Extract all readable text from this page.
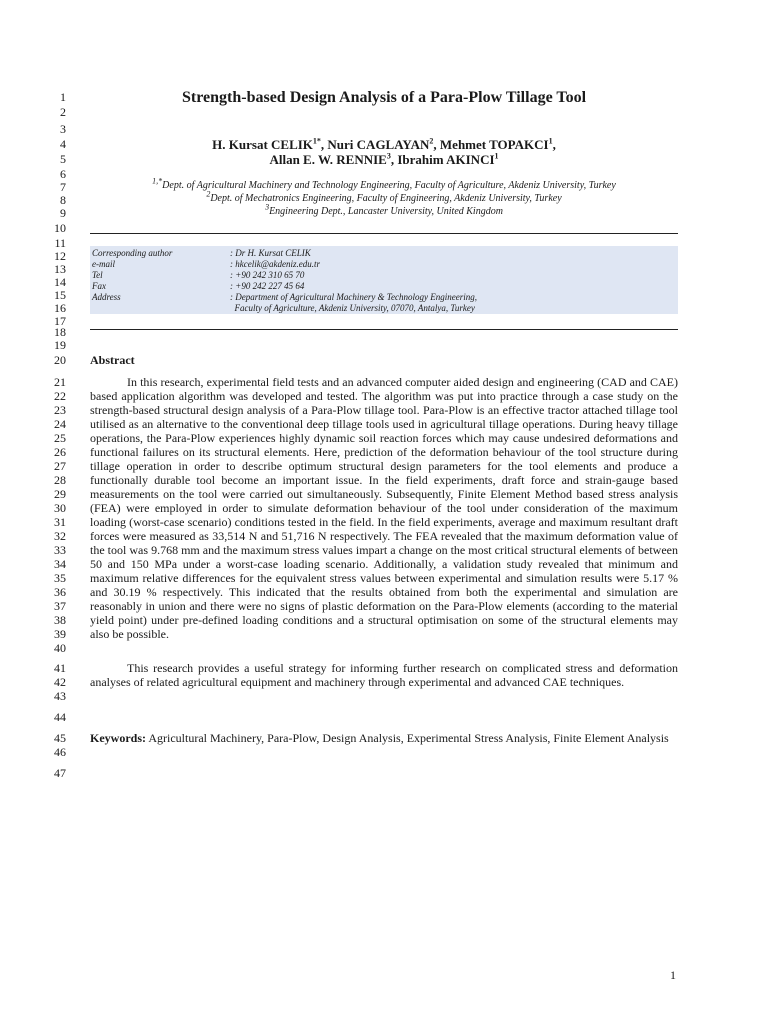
1
2
3
4
5
6
7
8
9
10
11
12
13
14
15
16
17
18
19
20
21
22
23
24
25
26
27
28
29
30
31
32
33
34
35
36
37
38
39
40
41
42
43
44
45
46
47
Strength-based Design Analysis of a Para-Plow Tillage Tool
H. Kursat $CELIK^{1*}$, Nuri CAGLAYAN$^2$, Mehmet TOPAKCI$^1$,
Allan E. W. RENNIE$^3$, Ibrahim AKINCI$^1$
$^{1,*}$Dept. of Agricultural Machinery and Technology Engineering, Faculty of Agriculture, Akdeniz University, Turkey
$^2$Dept. of Mechatronics Engineering, Faculty of Engineering, Akdeniz University, Turkey
$^3$Engineering Dept., Lancaster University, United Kingdom
Corresponding author	: Dr H. Kursat CELIK
e-mail	: hkcelik@akdeniz.edu.tr
Tel	: +90 242 310 65 70
Fax	: +90 242 227 45 64
Address	: Department of Agricultural Machinery & Technology Engineering,
Faculty of Agriculture, Akdeniz University, 07070, Antalya, Turkey
Abstract

In this research, experimental field tests and an advanced computer aided design and engineering (CAD and CAE) based application algorithm was developed and tested. The algorithm was put into practice through a case study on the strength-based structural design analysis of a Para-Plow tillage tool. Para-Plow is an effective tractor attached tillage tool utilised as an alternative to the conventional deep tillage tools used in agricultural tillage operations. During heavy tillage operations, the Para-Plow experiences highly dynamic soil reaction forces which may cause undesired deformations and functional failures on its structural elements. Here, prediction of the deformation behaviour of the tool structure during tillage operation in order to describe optimum structural design parameters for the tool elements and produce a functionally durable tool become an important issue. In the field experiments, draft force and strain-gauge based measurements on the tool were carried out simultaneously. Subsequently, Finite Element Method based stress analysis (FEA) were employed in order to simulate deformation behaviour of the tool under consideration of the maximum loading (worst-case scenario) conditions tested in the field. In the field experiments, average and maximum resultant draft forces were measured as 33,514 N and 51,716 N respectively. The FEA revealed that the maximum deformation value of the tool was 9.768 mm and the maximum stress values impart a change on the most critical structural elements of between 50 and 150 MPa under a worst-case loading scenario. Additionally, a validation study revealed that minimum and maximum relative differences for the equivalent stress values between experimental and simulation results were 5.17 % and 30.19 % respectively. This indicated that the results obtained from both the experimental and simulation are reasonably in union and there were no signs of plastic deformation on the Para-Plow elements (according to the material yield point) under pre-defined loading conditions and a structural optimisation on some of the structural elements may also be possible.

This research provides a useful strategy for informing further research on complicated stress and deformation analyses of related agricultural equipment and machinery through experimental and advanced CAE techniques.

Keywords: Agricultural Machinery, Para-Plow, Design Analysis, Experimental Stress Analysis, Finite Element Analysis

1
